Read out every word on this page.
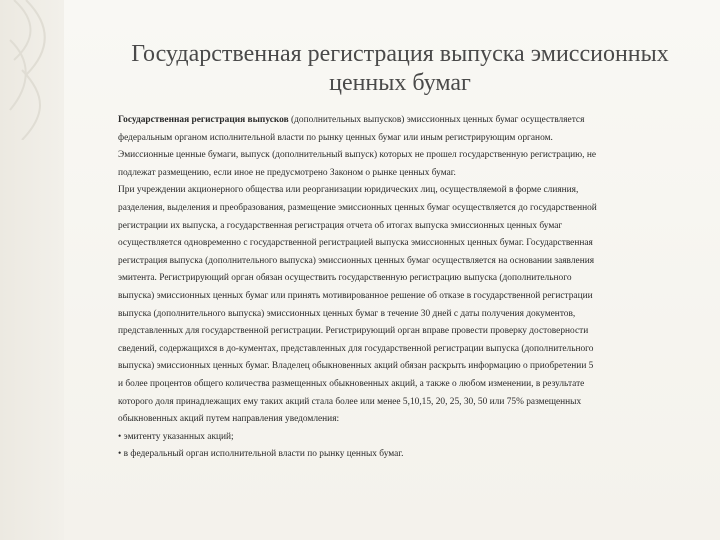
Государственная регистрация выпуска эмиссионных
ценных бумаг
Государственная регистрация выпусков (дополнительных выпусков) эмиссионных ценных бумаг осуществляется
федеральным органом исполнительной власти по рынку ценных бумаг или иным регистрирующим органом.
Эмиссионные ценные бумаги, выпуск (дополнительный выпуск) которых не прошел государственную регистрацию, не
подлежат размещению, если иное не предусмотрено Законом о рынке ценных бумаг.
При учреждении акционерного общества или реорганизации юридических лиц, осуществляемой в форме слияния,
разделения, выделения и преобразования, размещение эмиссионных ценных бумаг осуществляется до государственной
регистрации их выпуска, а государственная регистрация отчета об итогах выпуска эмиссионных ценных бумаг
осуществляется одновременно с государственной регистрацией выпуска эмиссионных ценных бумаг. Государственная
регистрация выпуска (дополнительного выпуска) эмиссионных ценных бумаг осуществляется на основании заявления
эмитента. Регистрирующий орган обязан осуществить государственную регистрацию выпуска (дополнительного
выпуска) эмиссионных ценных бумаг или принять мотивированное решение об отказе в государственной регистрации
выпуска (дополнительного выпуска) эмиссионных ценных бумаг в течение 30 дней с даты получения документов,
представленных для государственной регистрации. Регистрирующий орган вправе провести проверку достоверности
сведений, содержащихся в до-кументах, представленных для государственной регистрации выпуска (дополнительного
выпуска) эмиссионных ценных бумаг. Владелец обыкновенных акций обязан раскрыть информацию о приобретении 5
и более процентов общего количества размещенных обыкновенных акций, а также о любом изменении, в результате
которого доля принадлежащих ему таких акций стала более или менее 5,10,15, 20, 25, 30, 50 или 75% размещенных
обыкновенных акций путем направления уведомления:
• эмитенту указанных акций;
• в федеральный орган исполнительной власти по рынку ценных бумаг.
